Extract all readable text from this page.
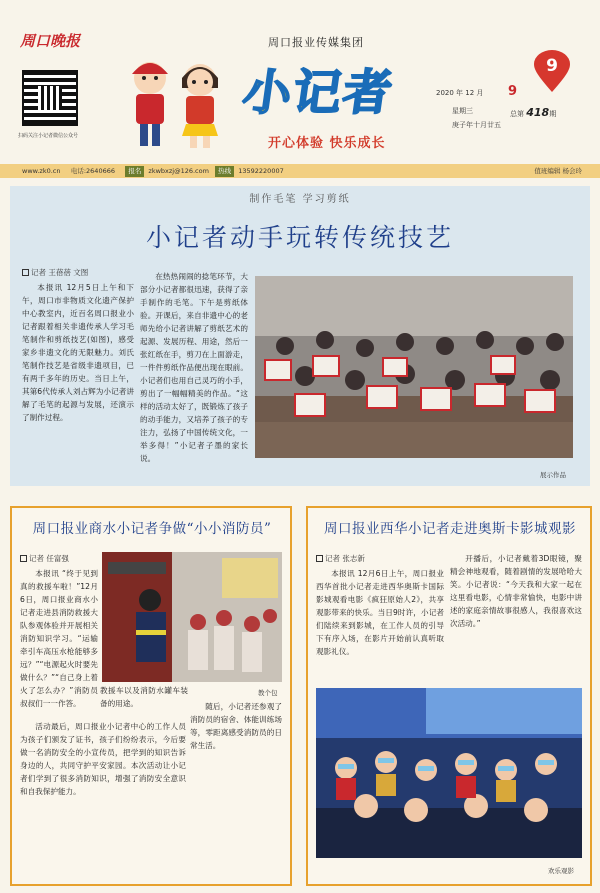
周口晚报
扫码关注小记者微信公众号
周口报业传媒集团
小记者
开心体验 快乐成长
2020 年 12 月 9
星期三	总第 418期
庚子年十月廿五
9
www.zk0.cn 电话:2640666 报名 zkwbxzj@126.com 热线 13592220007	值班编辑 杨会玲
制作毛笔 学习剪纸
小记者动手玩转传统技艺
记者 王蓓蓓 文图

本报讯 12月5日上午和下午，周口市非物质文化遗产保护中心教室内，近百名周口报业小记者跟着相关非遗传承人学习毛笔制作和剪纸技艺(如图)，感受家乡非遗文化的无限魅力。刘氏笔制作技艺是省级非遗项目，已有两千多年的历史。当日上午，其第6代传承人刘占辉为小记者讲解了毛笔的起源与发展，还演示了制作过程。

在热热闹闹的捻笔环节，大部分小记者都很迅速，获得了亲手制作的毛笔。下午是剪纸体验。开课后，来自非遗中心的老师先给小记者讲解了剪纸艺术的起源、发展历程、用途，然后一张红纸在手，剪刀在上面游走，一件件剪纸作品便出现在眼前。小记者们也用自己灵巧的小手，剪出了一幅幅精美的作品。“这样的活动太好了，既锻炼了孩子的动手能力，又培养了孩子的专注力，弘扬了中国传统文化，一举多得！”小记者子墨的家长说。

展示作品
周口报业商水小记者争做“小小消防员”
记者 任富强

本报讯 “终于见到真的救援车啦！”12月6日，周口报业商水小记者走进县消防救援大队参观体验并开展相关消防知识学习。“运输牵引车高压水枪能够多远？”“电源起火时要先做什么？”“自己身上着火了怎么办？”消防员叔叔们一一作答。

教个包

教援车以及消防水罐车装备的用途。	随后，小记者还参观了消防员的宿舍、体能训练场等，零距离感受消防员的日常生活。

活动最后，周口报业小记者中心的工作人员为孩子们颁发了证书，孩子们纷纷表示，今后要做一名消防安全的小宣传员，把学到的知识告诉身边的人，共同守护平安家园。本次活动让小记者们学到了很多消防知识，增强了消防安全意识和自我保护能力。

周口报业西华小记者走进奥斯卡影城观影
记者 张志新

本报讯 12月6日上午，周口报业西华首批小记者走进西华奥斯卡国际影城观看电影《疯狂原始人2》，共享观影带来的快乐。当日9时许，小记者们陆续来到影城，在工作人员的引导下有序入场，在影片开始前认真听取观影礼仪。

开播后，小记者戴着3D眼镜，聚精会神地观看，随着剧情的发展哈哈大笑。小记者说：“今天我和大家一起在这里看电影，心情非常愉快，电影中讲述的家庭亲情故事很感人，我很喜欢这次活动。”

欢乐观影
